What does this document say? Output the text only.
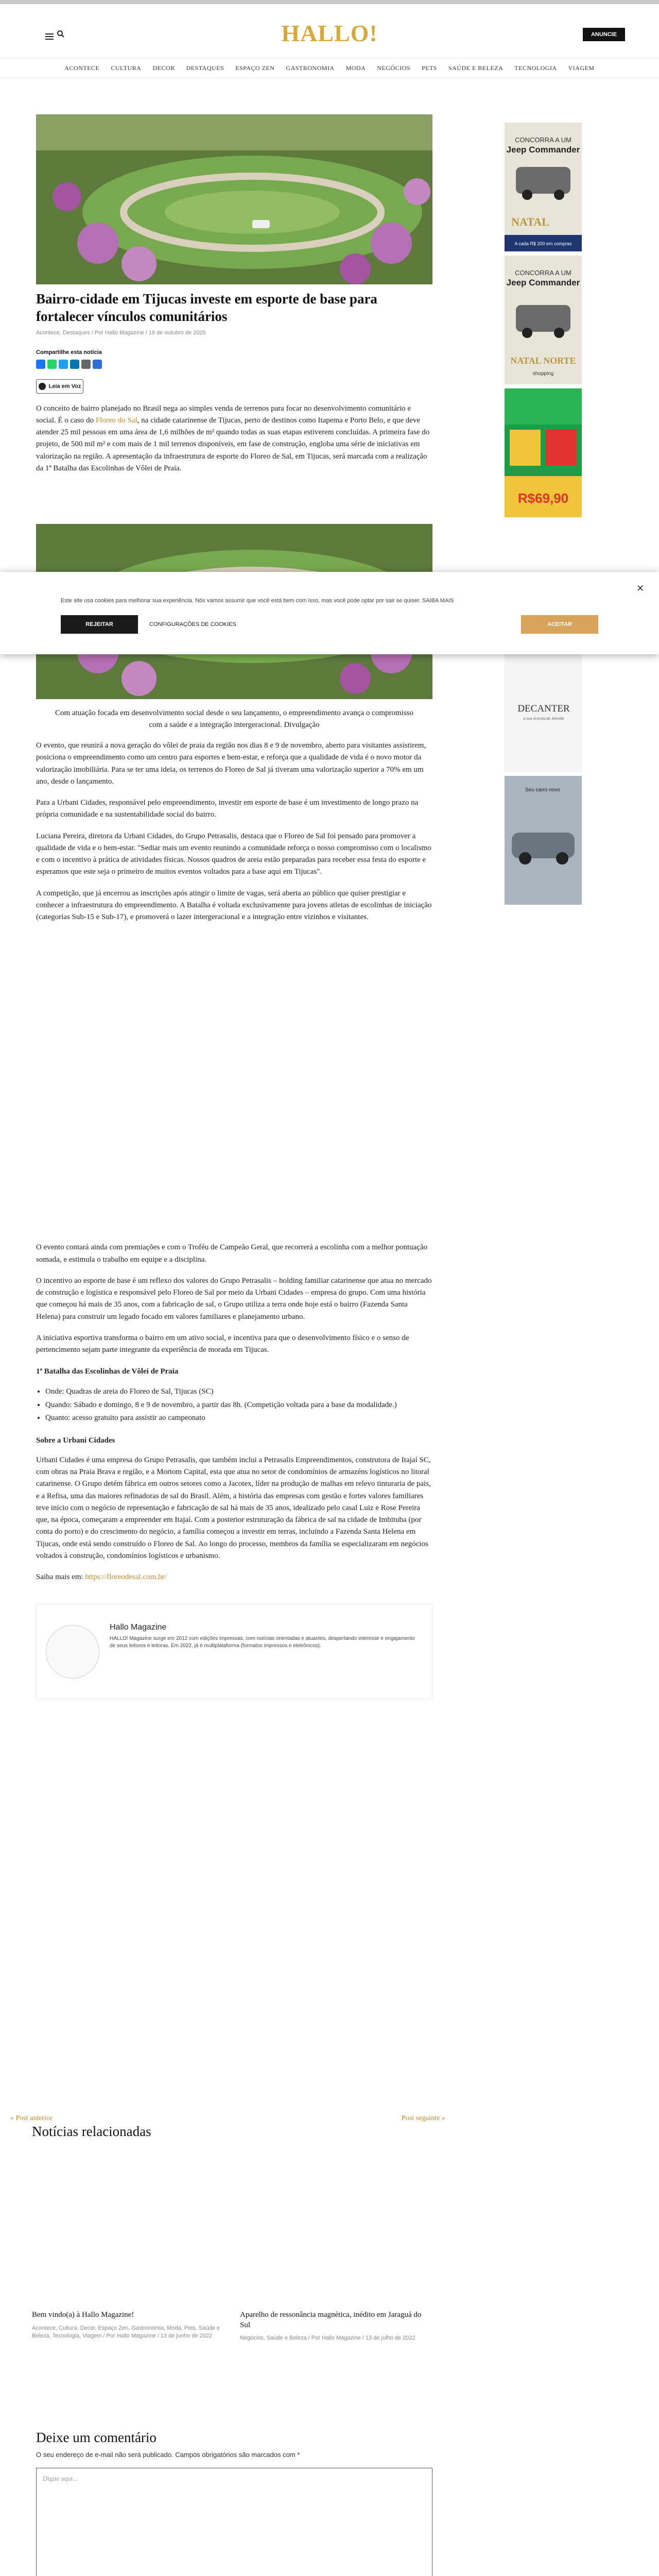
HALLO!	ANUNCIE
ACONTECE CULTURA DECOR DESTAQUES ESPAÇO ZEN GASTRONOMIA MODA NEGÓCIOS PETS SAÚDE E BELEZA TECNOLOGIA VIAGEM
Bairro-cidade em Tijucas investe em esporte de base para fortalecer vínculos comunitários
Acontece, Destaques / Por Hallo Magazine / 16 de outubro de 2025
Compartilhe esta notícia
Leia em Voz

O conceito de bairro planejado no Brasil nega ao simples venda de terrenos para focar no desenvolvimento comunitário e social. É o caso do Floreo do Sal, na cidade catarinense de Tijucas, perto de destinos como Itapema e Porto Belo, e que deve atender 25 mil pessoas em uma área de 1,6 milhões de m² quando todas as suas etapas estiverem concluídas. A primeira fase do projeto, de 500 mil m² e com mais de 1 mil terrenos disponíveis, em fase de construção, engloba uma série de iniciativas em valorização na região. A apresentação da infraestrutura de esporte do Floreo de Sal, em Tijucas, será marcada com a realização da 1ª Batalha das Escolinhas de Vôlei de Praia.

Com atuação focada em desenvolvimento social desde o seu lançamento, o empreendimento avança o compromisso com a saúde e a integração intergeracional. Divulgação

O evento, que reunirá a nova geração do vôlei de praia da região nos dias 8 e 9 de novembro, aberto para visitantes assistirem, posiciona o empreendimento como um centro para esportes e bem-estar, e reforça que a qualidade de vida é o novo motor da valorização imobiliária. Para se ter uma ideia, os terrenos do Floreo de Sal já tiveram uma valorização superior a 70% em um ano, desde o lançamento.

Para a Urbani Cidades, responsável pelo empreendimento, investir em esporte de base é um investimento de longo prazo na própria comunidade e na sustentabilidade social do bairro.

Luciana Pereira, diretora da Urbani Cidades, do Grupo Petrasalis, destaca que o Floreo de Sal foi pensado para promover a qualidade de vida e o bem-estar. "Sediar mais um evento reunindo a comunidade reforça o nosso compromisso com o localismo e com o incentivo à prática de atividades físicas. Nossos quadros de areia estão preparadas para receber essa festa do esporte e esperamos que este seja o primeiro de muitos eventos voltados para a base aqui em Tijucas".

A competição, que já encerrou as inscrições após atingir o limite de vagas, será aberta ao público que quiser prestigiar e conhecer a infraestrutura do empreendimento. A Batalha é voltada exclusivamente para jovens atletas de escolinhas de iniciação (categorias Sub-15 e Sub-17), e promoverá o lazer intergeracional e a integração entre vizinhos e visitantes.

O evento contará ainda com premiações e com o Troféu de Campeão Geral, que recorrerá a escolinha com a melhor pontuação somada, e estimula o trabalho em equipe e a disciplina.

O incentivo ao esporte de base é um reflexo dos valores do Grupo Petrasalis – holding familiar catarinense que atua no mercado de construção e logística e responsável pelo Floreo de Sal por meio da Urbani Cidades – empresa do grupo. Com uma história que começou há mais de 35 anos, com a fabricação de sal, o Grupo utiliza a terra onde hoje está o bairro (Fazenda Santa Helena) para construir um legado focado em valores familiares e planejamento urbano.

A iniciativa esportiva transforma o bairro em um ativo social, e incentiva para que o desenvolvimento físico e o senso de pertencimento sejam parte integrante da experiência de morada em Tijucas.

1ª Batalha das Escolinhas de Vôlei de Praia

• Onde: Quadras de areia do Floreo de Sal, Tijucas (SC)
• Quando: Sábado e domingo, 8 e 9 de novembro, a partir das 8h. (Competição voltada para a base da modalidade.)
• Quanto: acesso gratuito para assistir ao campeonato

Sobre a Urbani Cidades

Urbani Cidades é uma empresa do Grupo Petrasalis, que também inclui a Petrasalis Empreendimentos, construtora de Itajaí SC, com obras na Praia Brava e região, e a Mortom Capital, esta que atua no setor de condomínios de armazéns logísticos no litoral catarinense. O Grupo detém fábrica em outros setores como a Jacotex, líder na produção de malhas em relevo tinturaria de pais, e a Refisa, uma das maiores refinadoras de sal do Brasil. Além, a história das empresas com gestão e fortes valores familiares teve início com o negócio de representação e fabricação de sal há mais de 35 anos, idealizado pelo casal Luiz e Rose Pereira que, na época, começaram a empreender em Itajaí. Com a posterior estruturação da fábrica de sal na cidade de Imbituba (por conta do porto) e do crescimento do negócio, a família começou a investir em terras, incluindo a Fazenda Santa Helena em Tijucas, onde está sendo construído o Floreo de Sal. Ao longo do processo, membros da família se especializaram em negócios voltados à construção, condomínios logísticos e urbanismo.

Saiba mais em: https://floreodesal.com.br/

Hallo Magazine
HALLO! Magazine surge em 2012 com edições impressas, com notícias orientadas e atuantes, despertando interesse e engajamento de seus leitores e leitoras. Em 2022, já é multiplataforma (formatos impressos e eletrônicos).
« Post anterior	Post seguinte »
CONCORRA A UM
Jeep Commander
NATAL
A cada R$ 200 em compras
CONCORRA A UM
Jeep Commander
NATAL NORTE
shopping
R$69,90
DECANTER
a sua vinícola de Joinville
Seu carro novo
Este site usa cookies para melhorar sua experiência. Nós vamos assumir que você está bem com isso, mas você pode optar por sair se quiser. SAIBA MAIS
✕
REJEITAR	CONFIGURAÇÕES DE COOKIES	ACEITAR
Notícias relacionadas
Bem vindo(a) à Hallo Magazine!
Acontece, Cultura, Decor, Espaço Zen, Gastronomia, Moda, Pets, Saúde e Beleza, Tecnologia, Viagem / Por Hallo Magazine / 13 de junho de 2022
Aparelho de ressonância magnética, inédito em Jaraguá do Sul
Negócios, Saúde e Beleza / Por Hallo Magazine / 13 de julho de 2022
Deixe um comentário
O seu endereço de e-mail não será publicado. Campos obrigatórios são marcados com *
Digite aqui...
